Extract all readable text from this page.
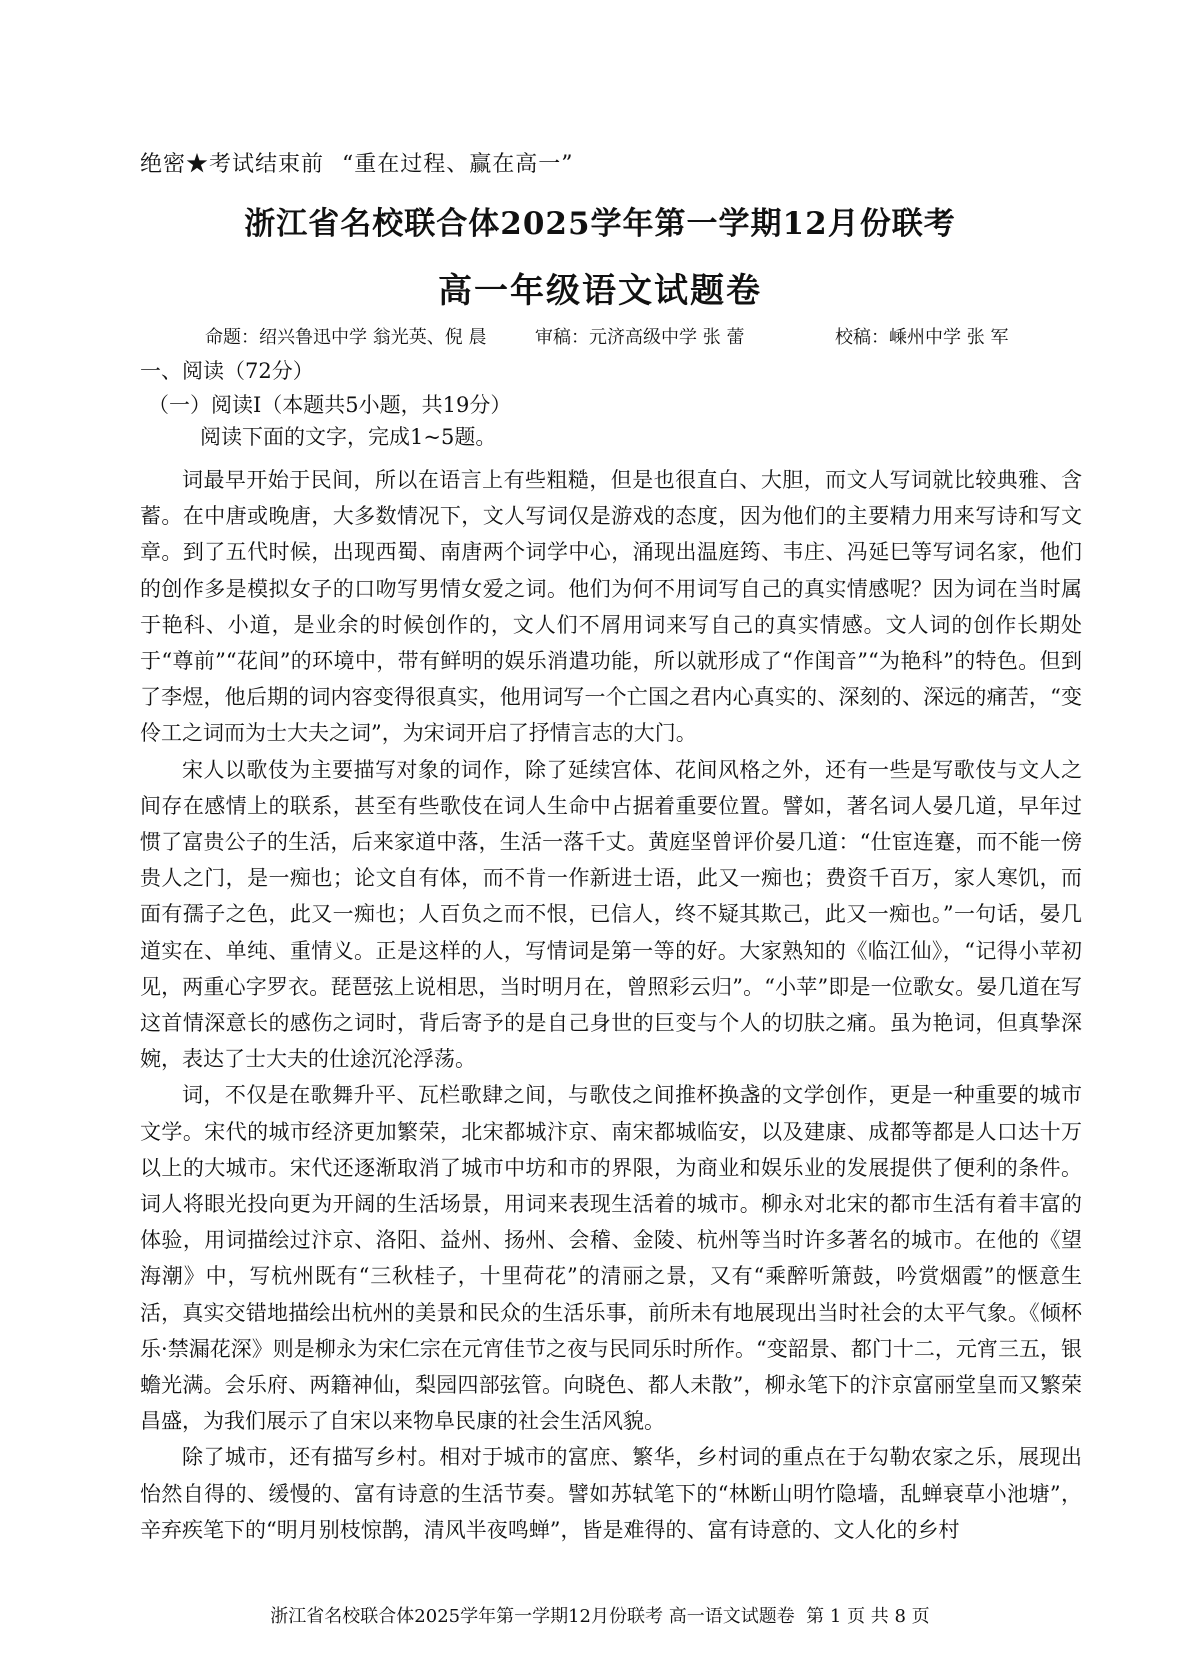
绝密★考试结束前 “重在过程、赢在高一”
浙江省名校联合体2025学年第一学期12月份联考
高一年级语文试题卷
命题：绍兴鲁迅中学 翁光英、倪 晨	审稿：元济高级中学 张 蕾	校稿：嵊州中学 张 军
一、阅读（72分）
（一）阅读Ⅰ（本题共5小题，共19分）
阅读下面的文字，完成1~5题。

词最早开始于民间，所以在语言上有些粗糙，但是也很直白、大胆，而文人写词就比较典雅、含蓄。在中唐或晚唐，大多数情况下，文人写词仅是游戏的态度，因为他们的主要精力用来写诗和写文章。到了五代时候，出现西蜀、南唐两个词学中心，涌现出温庭筠、韦庄、冯延巳等写词名家，他们的创作多是模拟女子的口吻写男情女爱之词。他们为何不用词写自己的真实情感呢？因为词在当时属于艳科、小道，是业余的时候创作的，文人们不屑用词来写自己的真实情感。文人词的创作长期处于“尊前”“花间”的环境中，带有鲜明的娱乐消遣功能，所以就形成了“作闺音”“为艳科”的特色。但到了李煜，他后期的词内容变得很真实，他用词写一个亡国之君内心真实的、深刻的、深远的痛苦，“变伶工之词而为士大夫之词”，为宋词开启了抒情言志的大门。

宋人以歌伎为主要描写对象的词作，除了延续宫体、花间风格之外，还有一些是写歌伎与文人之间存在感情上的联系，甚至有些歌伎在词人生命中占据着重要位置。譬如，著名词人晏几道，早年过惯了富贵公子的生活，后来家道中落，生活一落千丈。黄庭坚曾评价晏几道：“仕宦连蹇，而不能一傍贵人之门，是一痴也；论文自有体，而不肯一作新进士语，此又一痴也；费资千百万，家人寒饥，而面有孺子之色，此又一痴也；人百负之而不恨，已信人，终不疑其欺己，此又一痴也。”一句话，晏几道实在、单纯、重情义。正是这样的人，写情词是第一等的好。大家熟知的《临江仙》，“记得小苹初见，两重心字罗衣。琵琶弦上说相思，当时明月在，曾照彩云归”。“小苹”即是一位歌女。晏几道在写这首情深意长的感伤之词时，背后寄予的是自己身世的巨变与个人的切肤之痛。虽为艳词，但真挚深婉，表达了士大夫的仕途沉沦浮荡。

词，不仅是在歌舞升平、瓦栏歌肆之间，与歌伎之间推杯换盏的文学创作，更是一种重要的城市文学。宋代的城市经济更加繁荣，北宋都城汴京、南宋都城临安，以及建康、成都等都是人口达十万以上的大城市。宋代还逐渐取消了城市中坊和市的界限，为商业和娱乐业的发展提供了便利的条件。词人将眼光投向更为开阔的生活场景，用词来表现生活着的城市。柳永对北宋的都市生活有着丰富的体验，用词描绘过汴京、洛阳、益州、扬州、会稽、金陵、杭州等当时许多著名的城市。在他的《望海潮》中，写杭州既有“三秋桂子，十里荷花”的清丽之景，又有“乘醉听箫鼓，吟赏烟霞”的惬意生活，真实交错地描绘出杭州的美景和民众的生活乐事，前所未有地展现出当时社会的太平气象。《倾杯乐·禁漏花深》则是柳永为宋仁宗在元宵佳节之夜与民同乐时所作。“变韶景、都门十二，元宵三五，银蟾光满。会乐府、两籍神仙，梨园四部弦管。向晓色、都人未散”，柳永笔下的汴京富丽堂皇而又繁荣昌盛，为我们展示了自宋以来物阜民康的社会生活风貌。

除了城市，还有描写乡村。相对于城市的富庶、繁华，乡村词的重点在于勾勒农家之乐，展现出怡然自得的、缓慢的、富有诗意的生活节奏。譬如苏轼笔下的“林断山明竹隐墙，乱蝉衰草小池塘”，辛弃疾笔下的“明月别枝惊鹊，清风半夜鸣蝉”，皆是难得的、富有诗意的、文人化的乡村

浙江省名校联合体2025学年第一学期12月份联考 高一语文试题卷  第 1 页 共 8 页
